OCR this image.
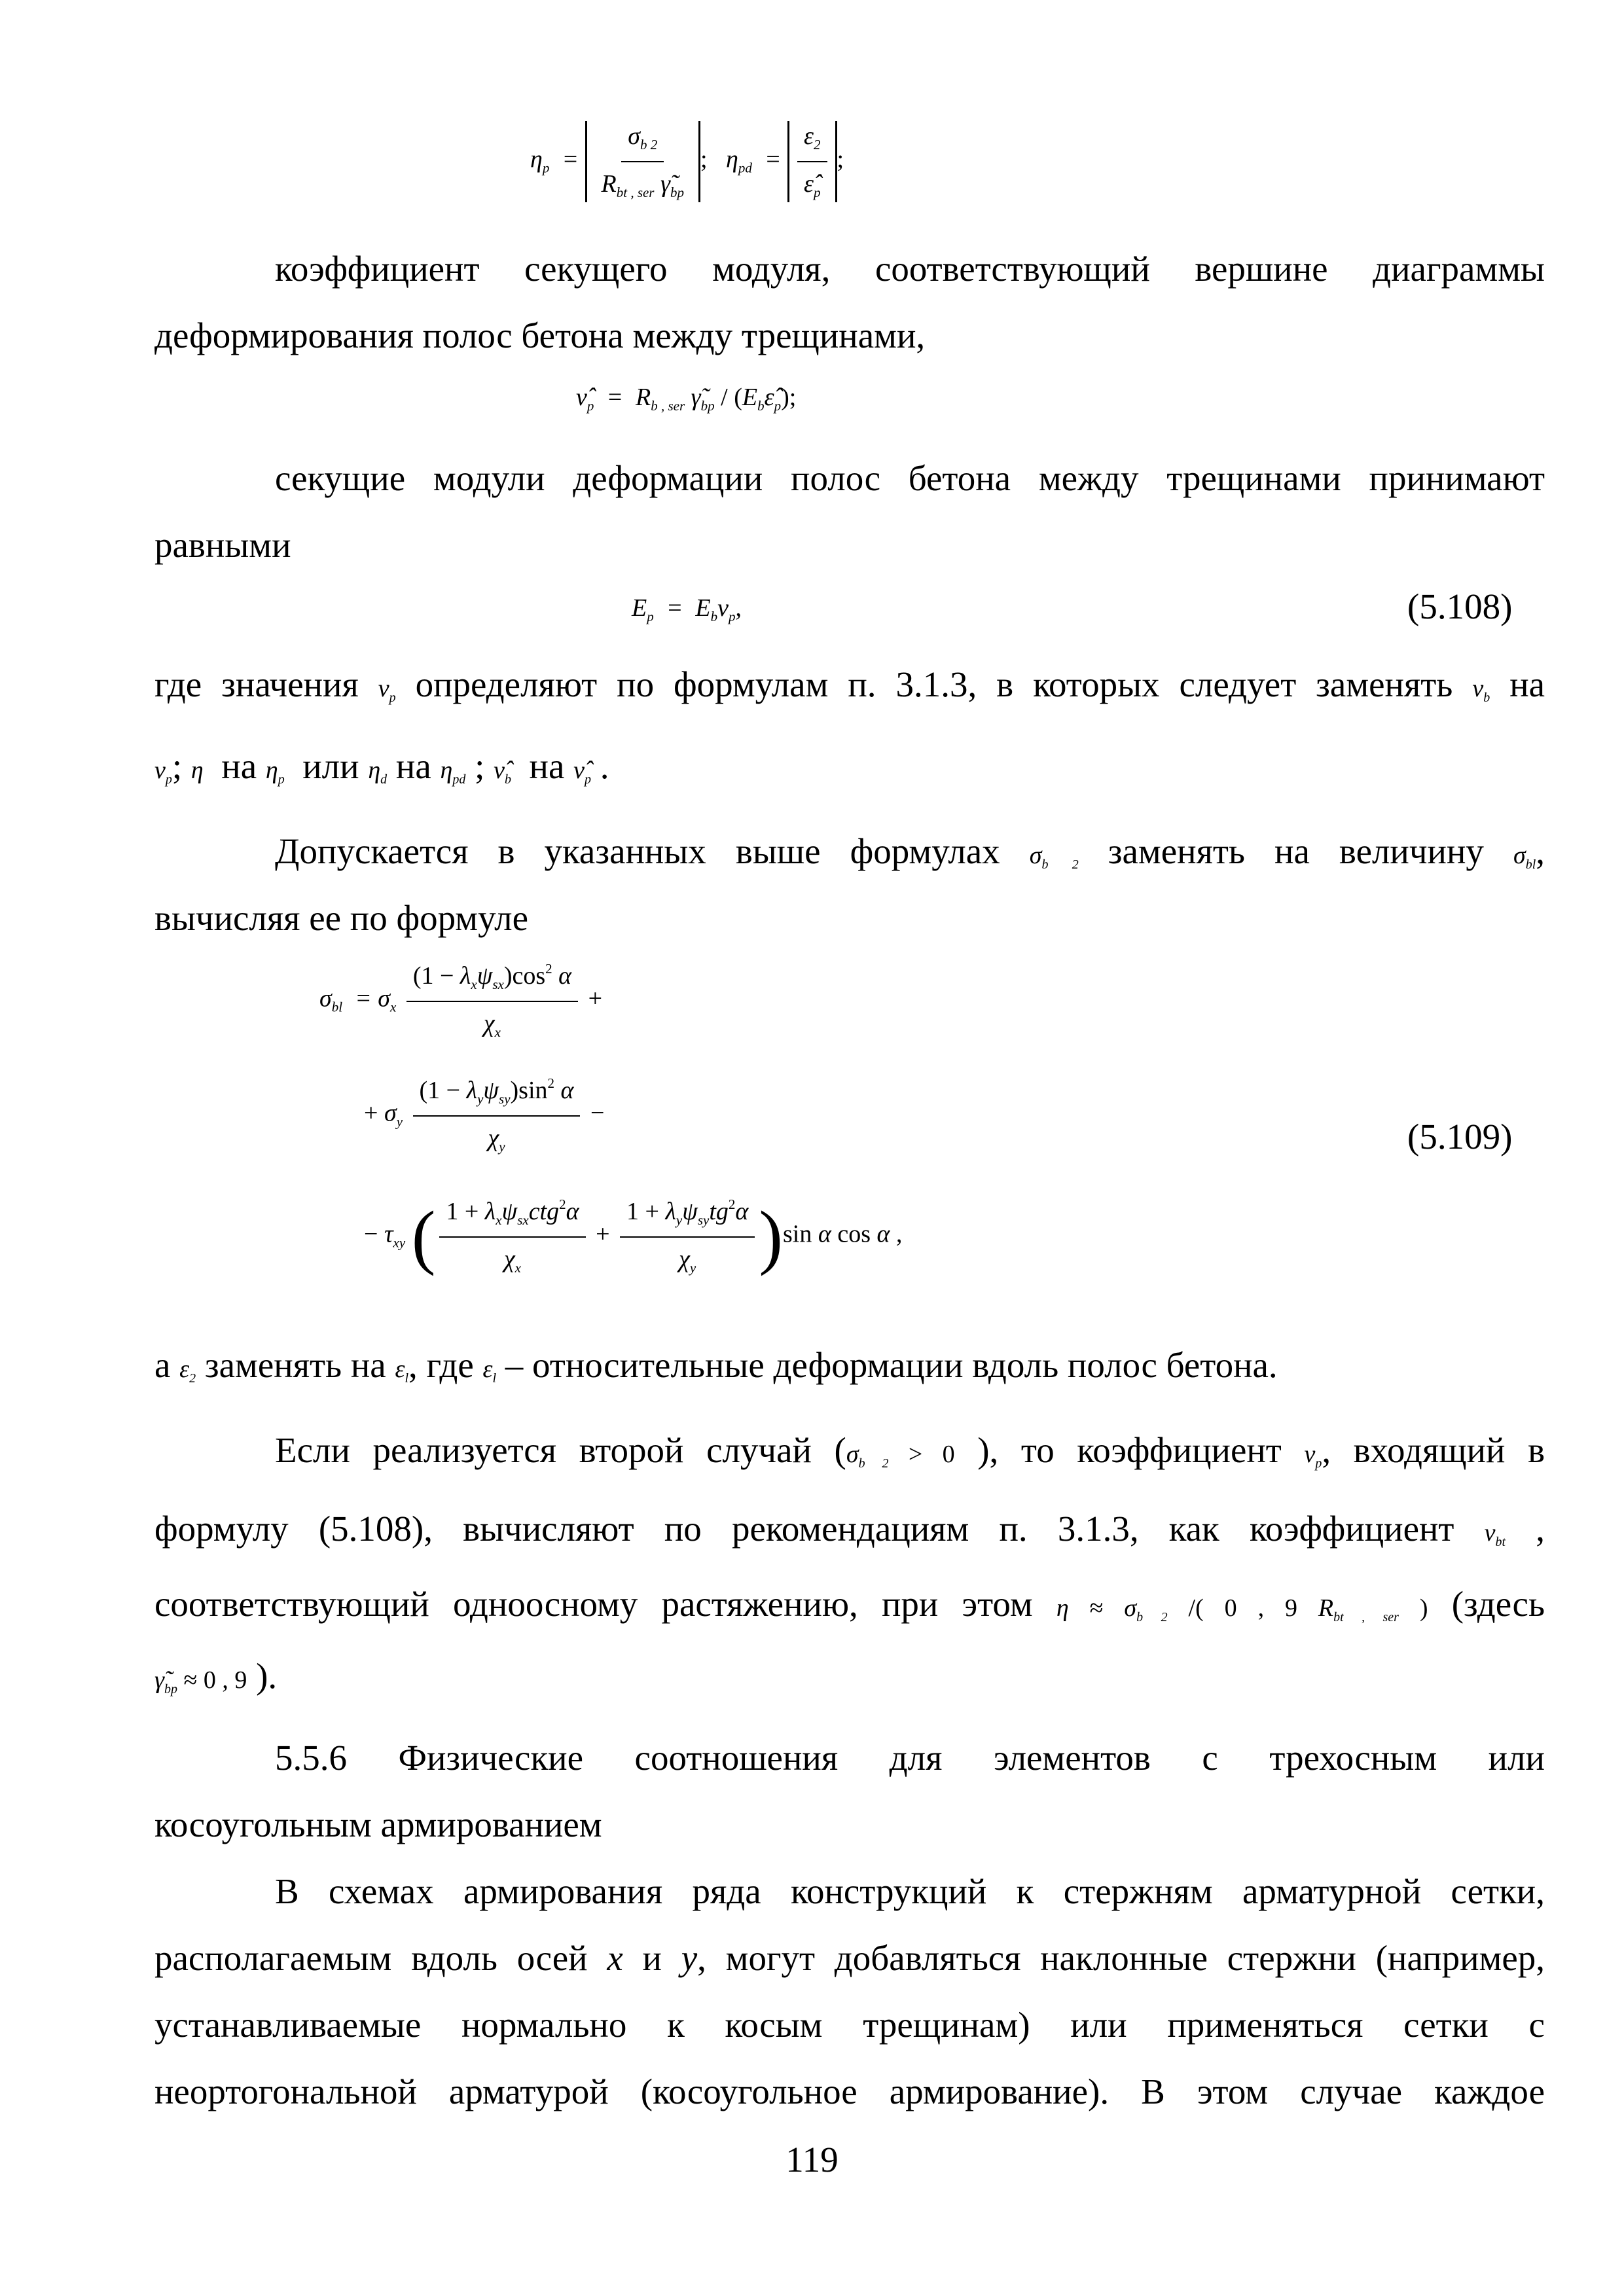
$\eta_p = \frac{\sigma_{b 2}}{R_{bt , ser} \gammã_{bp}}$ ;   $\eta_{pd} = \frac{\varepsilon_2}{\varepsilon̂_p}$ ;

коэффициент секущего модуля, соответствующий вершине диаграммы

деформирования полос бетона между трещинами,

$\nû_p = R_{b , ser}$ $\gammã_{bp}$ / $(E_b\varepsilon̂_p)$;

секущие модули деформации полос бетона между трещинами принимают

равными

$E_p = E_b\nu_p$,	(5.108)

где значения $\nu_p$ определяют по формулам п. 3.1.3, в которых следует заменять $\nu_b$ на

$\nu_p$; η на $\eta_p$ или $\eta_d$ на $\eta_{pd}$ ; $\nû_b$ на $\nû_p$ .

Допускается в указанных выше формулах $\sigma_{b 2}$ заменять на величину $\sigma_{bl}$,

вычисляя ее по формуле

$\sigma_{bl} = \sigma_x \frac{(1 - \lambda_x\psi_{sx})\cos^2 \alpha}{\chi_x}$ +
+ $\sigma_y \frac{(1 - \lambda_y\psi_{sy})\sin^2 \alpha}{\chi_y}$ −
(5.109)
− $\tau_{xy}$ ( $\frac{1 + \lambda_x\psi_{sx}ctg^2\alpha}{\chi_x} + \frac{1 + \lambda_y\psi_{sy}tg^2\alpha}{\chi_y} )\sin$ α cos α ,

а $\varepsilon_2$ заменять на $\varepsilon_l$, где $\varepsilon_l$ – относительные деформации вдоль полос бетона.

Если реализуется второй случай ($\sigma_{b 2} > 0$ ), то коэффициент $\nu_p$, входящий в

формулу (5.108), вычисляют по рекомендациям п. 3.1.3, как коэффициент $\nu_{bt}$ ,

соответствующий одноосному растяжению, при этом $\eta \approx \sigma_{b 2}$ /( 0 , 9 $R_{bt , ser}$ ) (здесь

$\gammã_{bp} \approx 0$ , 9 ).

5.5.6 Физические соотношения для элементов с трехосным или

косоугольным армированием

В схемах армирования ряда конструкций к стержням арматурной сетки,

располагаемым вдоль осей x и y, могут добавляться наклонные стержни (например,

устанавливаемые нормально к косым трещинам) или применяться сетки с

неортогональной арматурой (косоугольное армирование). В этом случае каждое

119
